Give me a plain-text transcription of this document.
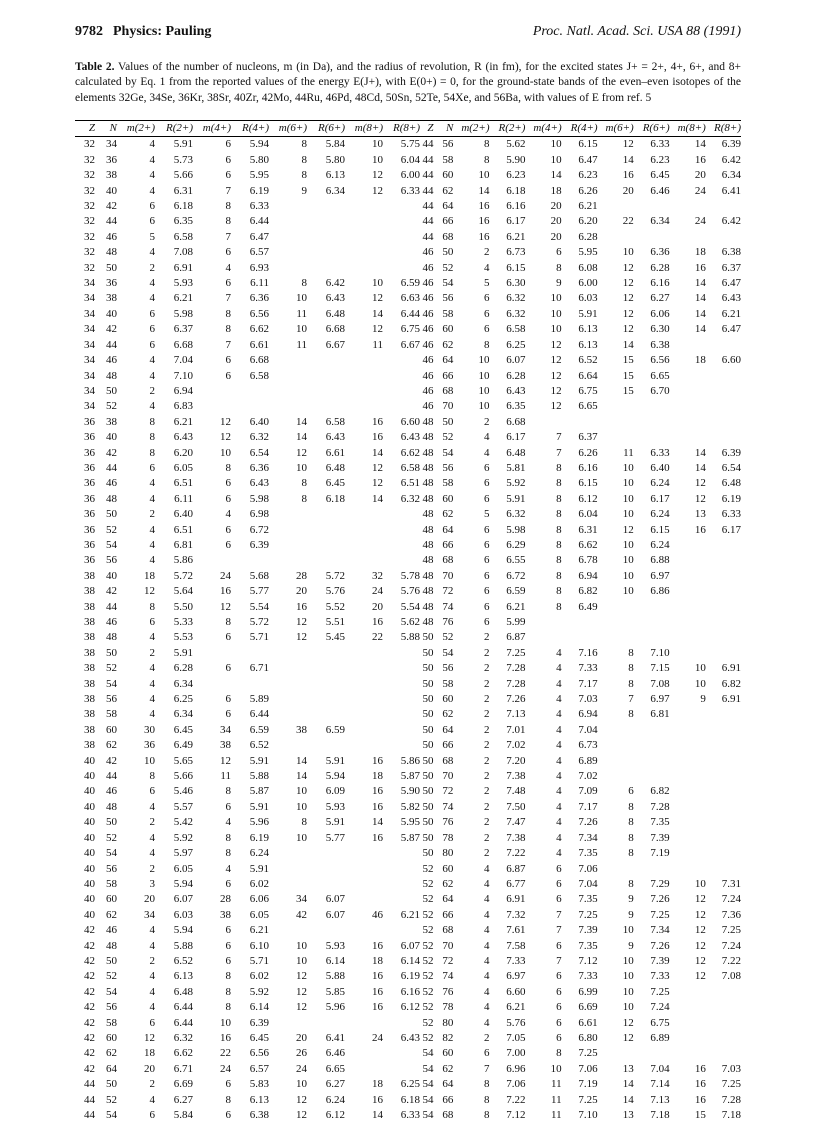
9782 Physics: Pauling	Proc. Natl. Acad. Sci. USA 88 (1991)
Table 2. Values of the number of nucleons, m (in Da), and the radius of revolution, R (in fm), for the excited states J+ = 2+, 4+, 6+, and 8+ calculated by Eq. 1 from the reported values of the energy E(J+), with E(0+) = 0, for the ground-state bands of the even–even isotopes of the elements 32Ge, 34Se, 36Kr, 38Sr, 40Zr, 42Mo, 44Ru, 46Pd, 48Cd, 50Sn, 52Te, 54Xe, and 56Ba, with values of E from ref. 5
Z	N	m(2+)	R(2+)	m(4+)	R(4+)	m(6+)	R(6+)	m(8+)	R(8+)
32	34	4	5.91	6	5.94	8	5.84	10	5.75
32	36	4	5.73	6	5.80	8	5.80	10	6.04
32	38	4	5.66	6	5.95	8	6.13	12	6.00
32	40	4	6.31	7	6.19	9	6.34	12	6.33
32	42	6	6.18	8	6.33				
32	44	6	6.35	8	6.44				
32	46	5	6.58	7	6.47				
32	48	4	7.08	6	6.57				
32	50	2	6.91	4	6.93				
34	36	4	5.93	6	6.11	8	6.42	10	6.59
34	38	4	6.21	7	6.36	10	6.43	12	6.63
34	40	6	5.98	8	6.56	11	6.48	14	6.44
34	42	6	6.37	8	6.62	10	6.68	12	6.75
34	44	6	6.68	7	6.61	11	6.67	11	6.67
34	46	4	7.04	6	6.68				
34	48	4	7.10	6	6.58				
34	50	2	6.94						
34	52	4	6.83						
36	38	8	6.21	12	6.40	14	6.58	16	6.60
36	40	8	6.43	12	6.32	14	6.43	16	6.43
36	42	8	6.20	10	6.54	12	6.61	14	6.62
36	44	6	6.05	8	6.36	10	6.48	12	6.58
36	46	4	6.51	6	6.43	8	6.45	12	6.51
36	48	4	6.11	6	5.98	8	6.18	14	6.32
36	50	2	6.40	4	6.98				
36	52	4	6.51	6	6.72				
36	54	4	6.81	6	6.39				
36	56	4	5.86						
38	40	18	5.72	24	5.68	28	5.72	32	5.78
38	42	12	5.64	16	5.77	20	5.76	24	5.76
38	44	8	5.50	12	5.54	16	5.52	20	5.54
38	46	6	5.33	8	5.72	12	5.51	16	5.62
38	48	4	5.53	6	5.71	12	5.45	22	5.88
38	50	2	5.91						
38	52	4	6.28	6	6.71				
38	54	4	6.34						
38	56	4	6.25	6	5.89				
38	58	4	6.34	6	6.44				
38	60	30	6.45	34	6.59	38	6.59		
38	62	36	6.49	38	6.52				
40	42	10	5.65	12	5.91	14	5.91	16	5.86
40	44	8	5.66	11	5.88	14	5.94	18	5.87
40	46	6	5.46	8	5.87	10	6.09	16	5.90
40	48	4	5.57	6	5.91	10	5.93	16	5.82
40	50	2	5.42	4	5.96	8	5.91	14	5.95
40	52	4	5.92	8	6.19	10	5.77	16	5.87
40	54	4	5.97	8	6.24				
40	56	2	6.05	4	5.91				
40	58	3	5.94	6	6.02				
40	60	20	6.07	28	6.06	34	6.07		
40	62	34	6.03	38	6.05	42	6.07	46	6.21
42	46	4	5.94	6	6.21				
42	48	4	5.88	6	6.10	10	5.93	16	6.07
42	50	2	6.52	6	5.71	10	6.14	18	6.14
42	52	4	6.13	8	6.02	12	5.88	16	6.19
42	54	4	6.48	8	5.92	12	5.85	16	6.16
42	56	4	6.44	8	6.14	12	5.96	16	6.12
42	58	6	6.44	10	6.39				
42	60	12	6.32	16	6.45	20	6.41	24	6.43
42	62	18	6.62	22	6.56	26	6.46		
42	64	20	6.71	24	6.57	24	6.65		
44	50	2	6.69	6	5.83	10	6.27	18	6.25
44	52	4	6.27	8	6.13	12	6.24	16	6.18
44	54	6	5.84	6	6.38	12	6.12	14	6.33
Z	N	m(2+)	R(2+)	m(4+)	R(4+)	m(6+)	R(6+)	m(8+)	R(8+)
44	56	8	5.62	10	6.15	12	6.33	14	6.39
44	58	8	5.90	10	6.47	14	6.23	16	6.42
44	60	10	6.23	14	6.23	16	6.45	20	6.34
44	62	14	6.18	18	6.26	20	6.46	24	6.41
44	64	16	6.16	20	6.21				
44	66	16	6.17	20	6.20	22	6.34	24	6.42
44	68	16	6.21	20	6.28				
46	50	2	6.73	6	5.95	10	6.36	18	6.38
46	52	4	6.15	8	6.08	12	6.28	16	6.37
46	54	5	6.30	9	6.00	12	6.16	14	6.47
46	56	6	6.32	10	6.03	12	6.27	14	6.43
46	58	6	6.32	10	5.91	12	6.06	14	6.21
46	60	6	6.58	10	6.13	12	6.30	14	6.47
46	62	8	6.25	12	6.13	14	6.38		
46	64	10	6.07	12	6.52	15	6.56	18	6.60
46	66	10	6.28	12	6.64	15	6.65		
46	68	10	6.43	12	6.75	15	6.70		
46	70	10	6.35	12	6.65				
48	50	2	6.68						
48	52	4	6.17	7	6.37				
48	54	4	6.48	7	6.26	11	6.33	14	6.39
48	56	6	5.81	8	6.16	10	6.40	14	6.54
48	58	6	5.92	8	6.15	10	6.24	12	6.48
48	60	6	5.91	8	6.12	10	6.17	12	6.19
48	62	5	6.32	8	6.04	10	6.24	13	6.33
48	64	6	5.98	8	6.31	12	6.15	16	6.17
48	66	6	6.29	8	6.62	10	6.24		
48	68	6	6.55	8	6.78	10	6.88		
48	70	6	6.72	8	6.94	10	6.97		
48	72	6	6.59	8	6.82	10	6.86		
48	74	6	6.21	8	6.49				
48	76	6	5.99						
50	52	2	6.87						
50	54	2	7.25	4	7.16	8	7.10		
50	56	2	7.28	4	7.33	8	7.15	10	6.91
50	58	2	7.28	4	7.17	8	7.08	10	6.82
50	60	2	7.26	4	7.03	7	6.97	9	6.91
50	62	2	7.13	4	6.94	8	6.81		
50	64	2	7.01	4	7.04				
50	66	2	7.02	4	6.73				
50	68	2	7.20	4	6.89				
50	70	2	7.38	4	7.02				
50	72	2	7.48	4	7.09	6	6.82		
50	74	2	7.50	4	7.17	8	7.28		
50	76	2	7.47	4	7.26	8	7.35		
50	78	2	7.38	4	7.34	8	7.39		
50	80	2	7.22	4	7.35	8	7.19		
52	60	4	6.87	6	7.06				
52	62	4	6.77	6	7.04	8	7.29	10	7.31
52	64	4	6.91	6	7.35	9	7.26	12	7.24
52	66	4	7.32	7	7.25	9	7.25	12	7.36
52	68	4	7.61	7	7.39	10	7.34	12	7.25
52	70	4	7.58	6	7.35	9	7.26	12	7.24
52	72	4	7.33	7	7.12	10	7.39	12	7.22
52	74	4	6.97	6	7.33	10	7.33	12	7.08
52	76	4	6.60	6	6.99	10	7.25		
52	78	4	6.21	6	6.69	10	7.24		
52	80	4	5.76	6	6.61	12	6.75		
52	82	2	7.05	6	6.80	12	6.89		
54	60	6	7.00	8	7.25				
54	62	7	6.96	10	7.06	13	7.04	16	7.03
54	64	8	7.06	11	7.19	14	7.14	16	7.25
54	66	8	7.22	11	7.25	14	7.13	16	7.28
54	68	8	7.12	11	7.10	13	7.18	15	7.18
